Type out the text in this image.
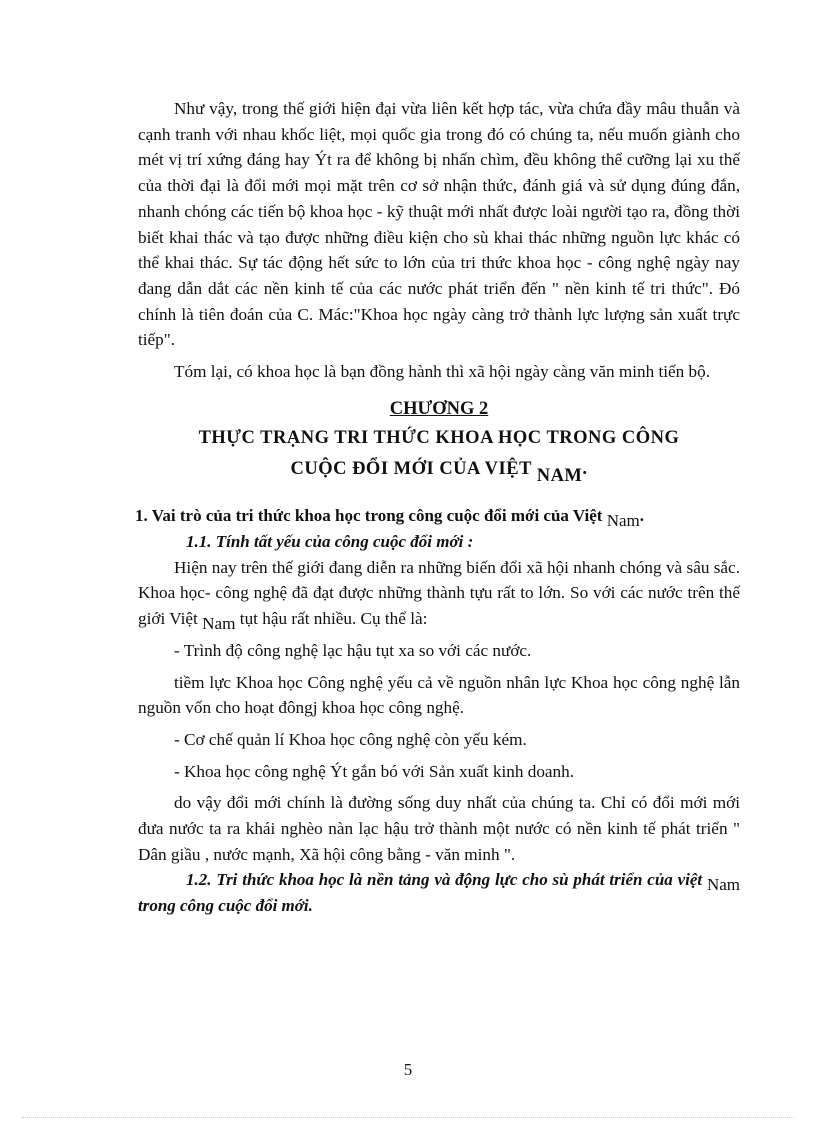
Như vậy, trong thế giới hiện đại vừa liên kết hợp tác, vừa chứa đầy mâu thuẫn và cạnh tranh với nhau khốc liệt, mọi quốc gia trong đó có chúng ta, nếu muốn giành cho mét vị trí xứng đáng hay Ýt ra để không bị nhấn chìm, đều không thể cưỡng lại xu thế của thời đại là đổi mới mọi mặt trên cơ sở nhận thức, đánh giá và sử dụng đúng đắn, nhanh chóng các tiến bộ khoa học - kỹ thuật mới nhất được loài người tạo ra, đồng thời biết khai thác và tạo được những điều kiện cho sù khai thác những nguồn lực khác có thể khai thác. Sự tác động hết sức to lớn của tri thức khoa học - công nghệ ngày nay đang dẫn dắt các nền kinh tế của các nước phát triển đến " nền kinh tế tri thức". Đó chính là tiên đoán của C. Mác:"Khoa học ngày càng trở thành lực lượng sản xuất trực tiếp".

Tóm lại, có khoa học là bạn đồng hành thì xã hội ngày càng văn minh tiến bộ.

CHƯƠNG 2
THỰC TRẠNG TRI THỨC KHOA HỌC TRONG CÔNG
CUỘC ĐỔI MỚI CỦA VIỆT NAM.
1. Vai trò của tri thức khoa học trong công cuộc đổi mới của Việt Nam.
1.1. Tính tất yếu của công cuộc đổi mới :

Hiện nay trên thế giới đang diễn ra những biến đổi xã hội nhanh chóng và sâu sắc. Khoa học- công nghệ đã đạt được những thành tựu rất to lớn. So với các nước trên thế giới Việt Nam tụt hậu rất nhiều. Cụ thể là:

- Trình độ công nghệ lạc hậu tụt xa so với các nước.

tiềm lực Khoa học Công nghệ yếu cả về nguồn nhân lực Khoa học công nghệ lẫn nguồn vốn cho hoạt đôngj khoa học công nghệ.

- Cơ chế quản lí Khoa học công nghệ còn yếu kém.

- Khoa học công nghệ Ýt gắn bó với Sản xuất kinh doanh.

do vậy đổi mới chính là đường sống duy nhất của chúng ta. Chỉ có đổi mới mới đưa nước ta ra khái nghèo nàn lạc hậu trở thành một nước có nền kinh tế phát triển " Dân giầu , nước mạnh, Xã hội công bằng - văn minh ".

1.2. Tri thức khoa học là nền tảng và động lực cho sù phát triển của việt Nam trong công cuộc đổi mới.
5
